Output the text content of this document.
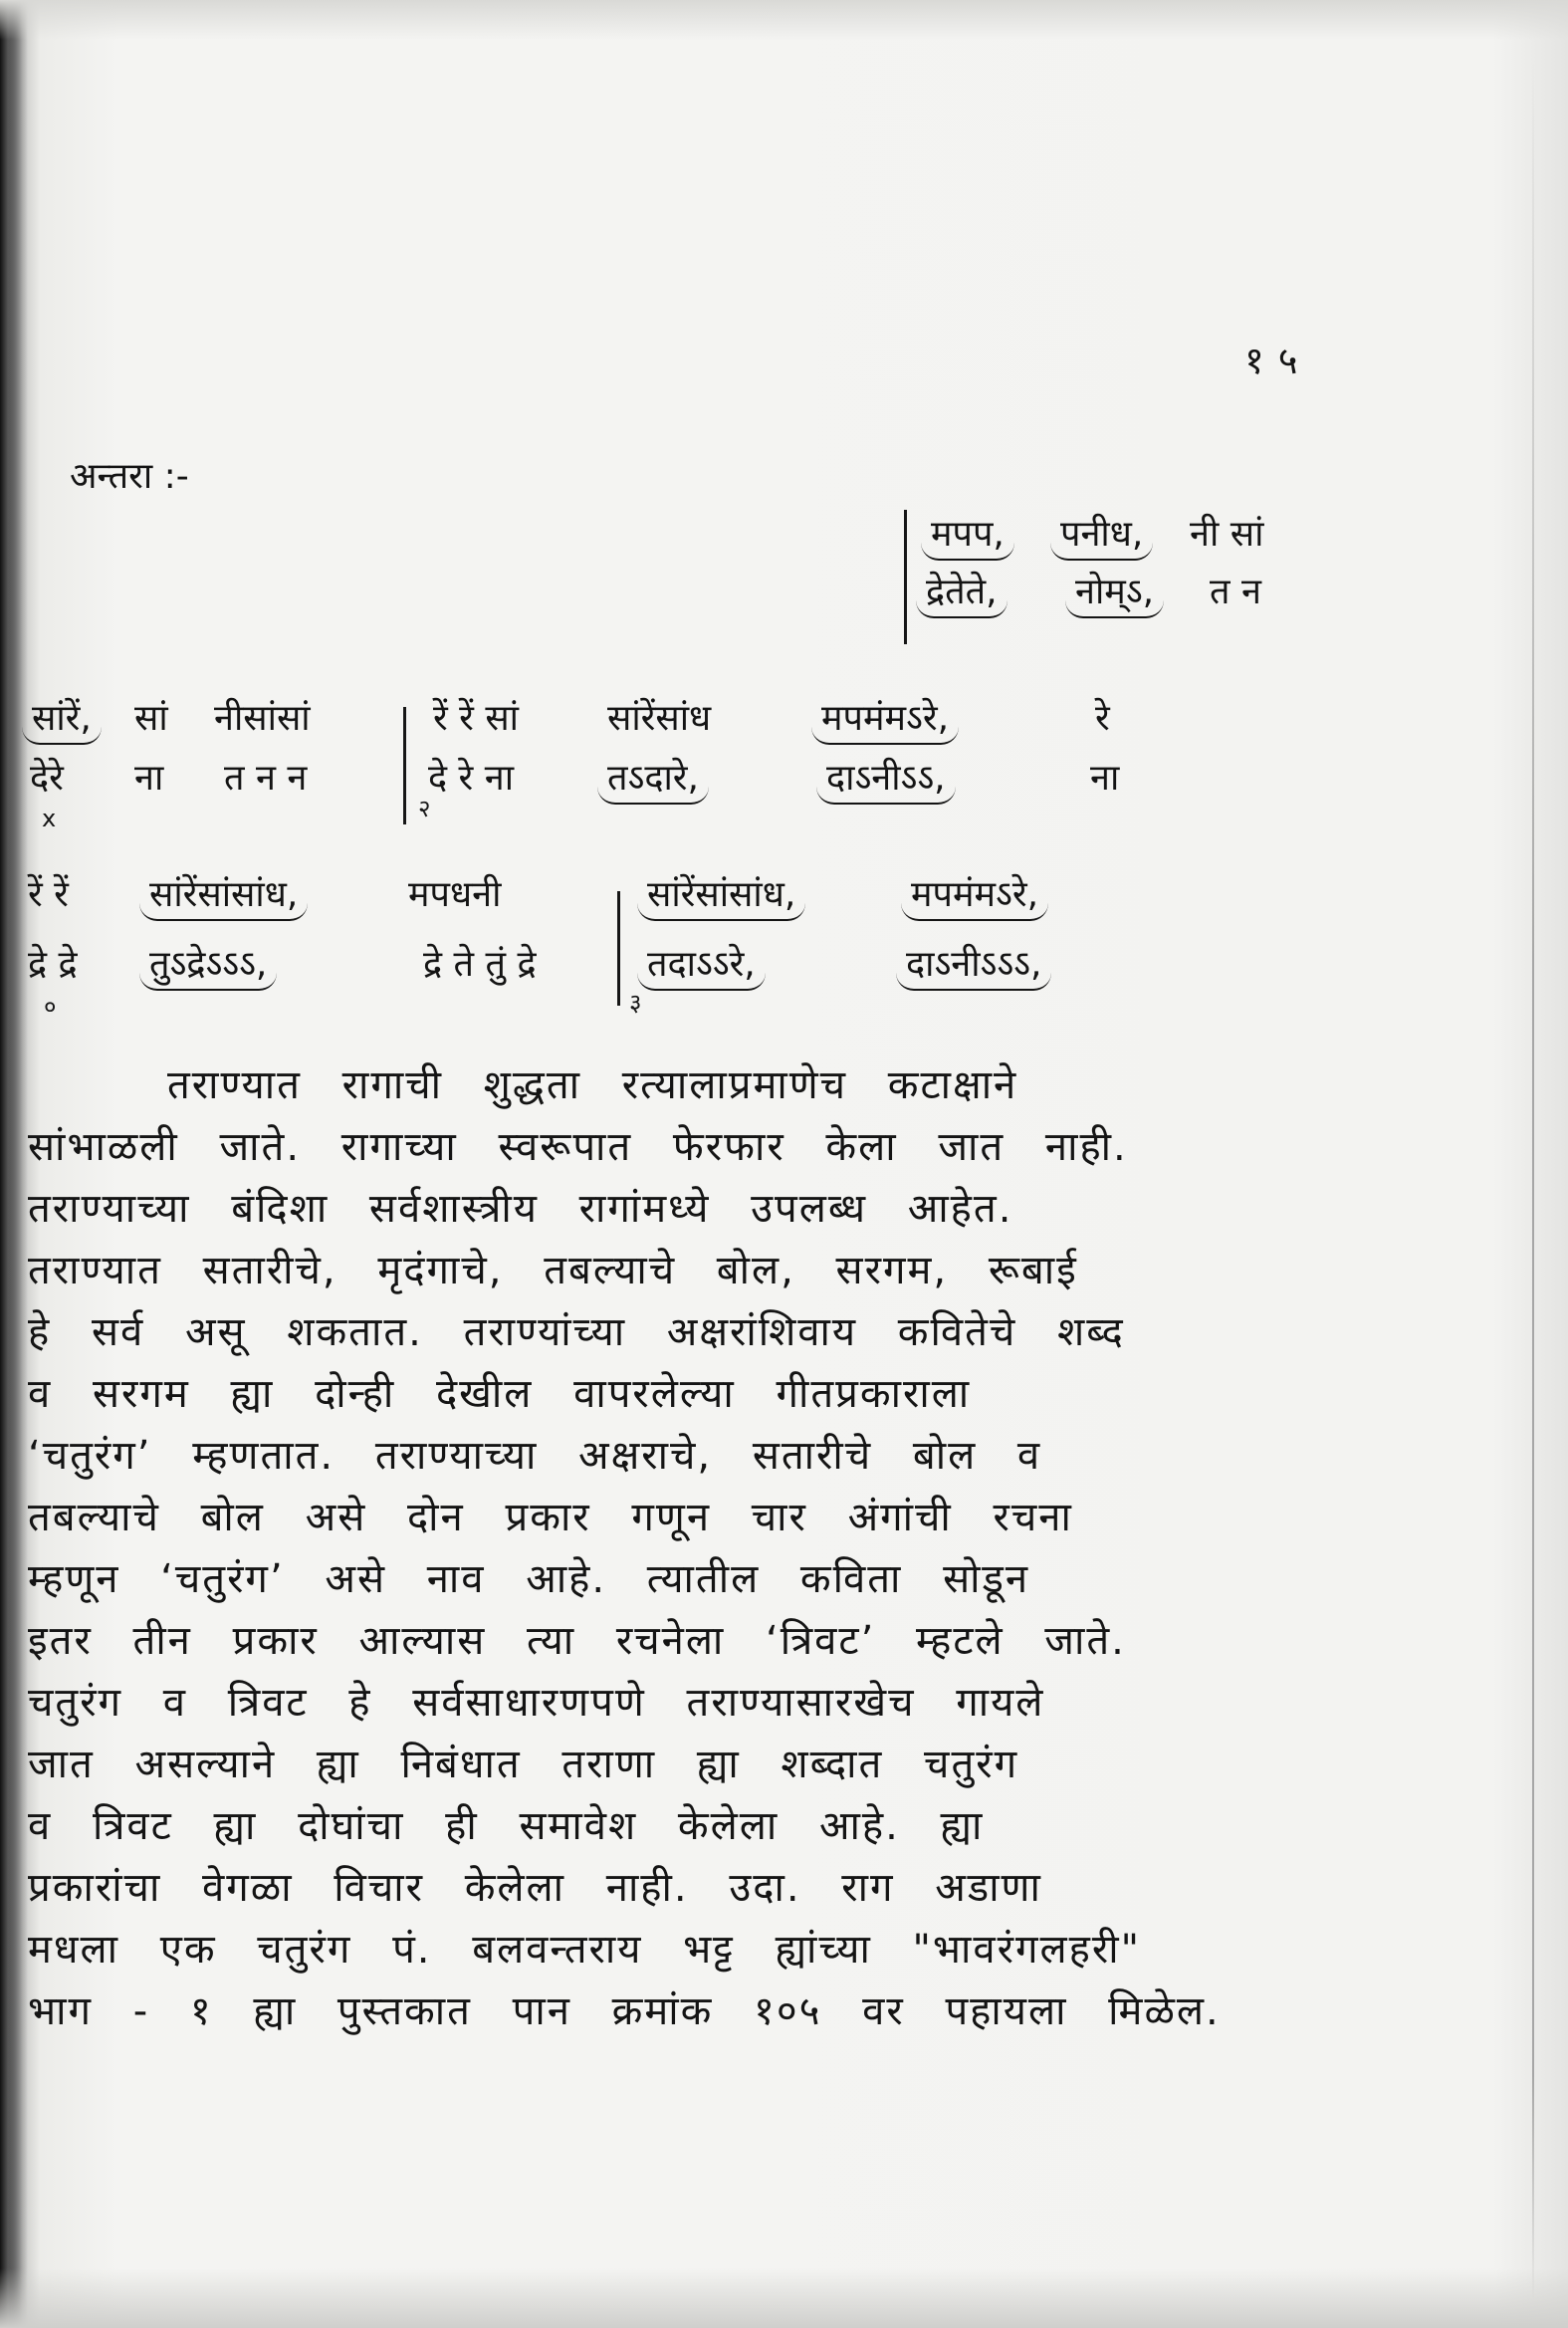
१५
अन्तरा :-
मपप, पनीध, नी सां
द्रेतेते, नोम्ऽ, त न
सांरें, सां नीसांसां	रें रें सां सांरेंसांध	मपमंमऽरे,	रे
देरे ना त न न	दे रे ना	तऽदारे,	दाऽनीऽऽ,	ना
x	२
रें रें सांरेंसांसांध,	मपधनी	सांरेंसांसांध,	मपमंमऽरे,
द्रे द्रे तुऽद्रेऽऽऽ,	द्रे ते तुं द्रे	तदाऽऽरे,	दाऽनीऽऽऽ,
०	३
तराण्यात रागाची शुद्धता रत्यालाप्रमाणेच कटाक्षाने
सांभाळली जाते. रागाच्या स्वरूपात फेरफार केला जात नाही.
तराण्याच्या बंदिशा सर्वशास्त्रीय रागांमध्ये उपलब्ध आहेत.
तराण्यात सतारीचे, मृदंगाचे, तबल्याचे बोल, सरगम, रूबाई
हे सर्व असू शकतात. तराण्यांच्या अक्षरांशिवाय कवितेचे शब्द
व सरगम ह्या दोन्ही देखील वापरलेल्या गीतप्रकाराला
‘चतुरंग’ म्हणतात. तराण्याच्या अक्षराचे, सतारीचे बोल व
तबल्याचे बोल असे दोन प्रकार गणून चार अंगांची रचना
म्हणून ‘चतुरंग’ असे नाव आहे. त्यातील कविता सोडून
इतर तीन प्रकार आल्यास त्या रचनेला ‘त्रिवट’ म्हटले जाते.
चतुरंग व त्रिवट हे सर्वसाधारणपणे तराण्यासारखेच गायले
जात असल्याने ह्या निबंधात तराणा ह्या शब्दात चतुरंग
व त्रिवट ह्या दोघांचा ही समावेश केलेला आहे. ह्या
प्रकारांचा वेगळा विचार केलेला नाही. उदा. राग अडाणा
मधला एक चतुरंग पं. बलवन्तराय भट्ट ह्यांच्या "भावरंगलहरी"
भाग - १ ह्या पुस्तकात पान क्रमांक १०५ वर पहायला मिळेल.
